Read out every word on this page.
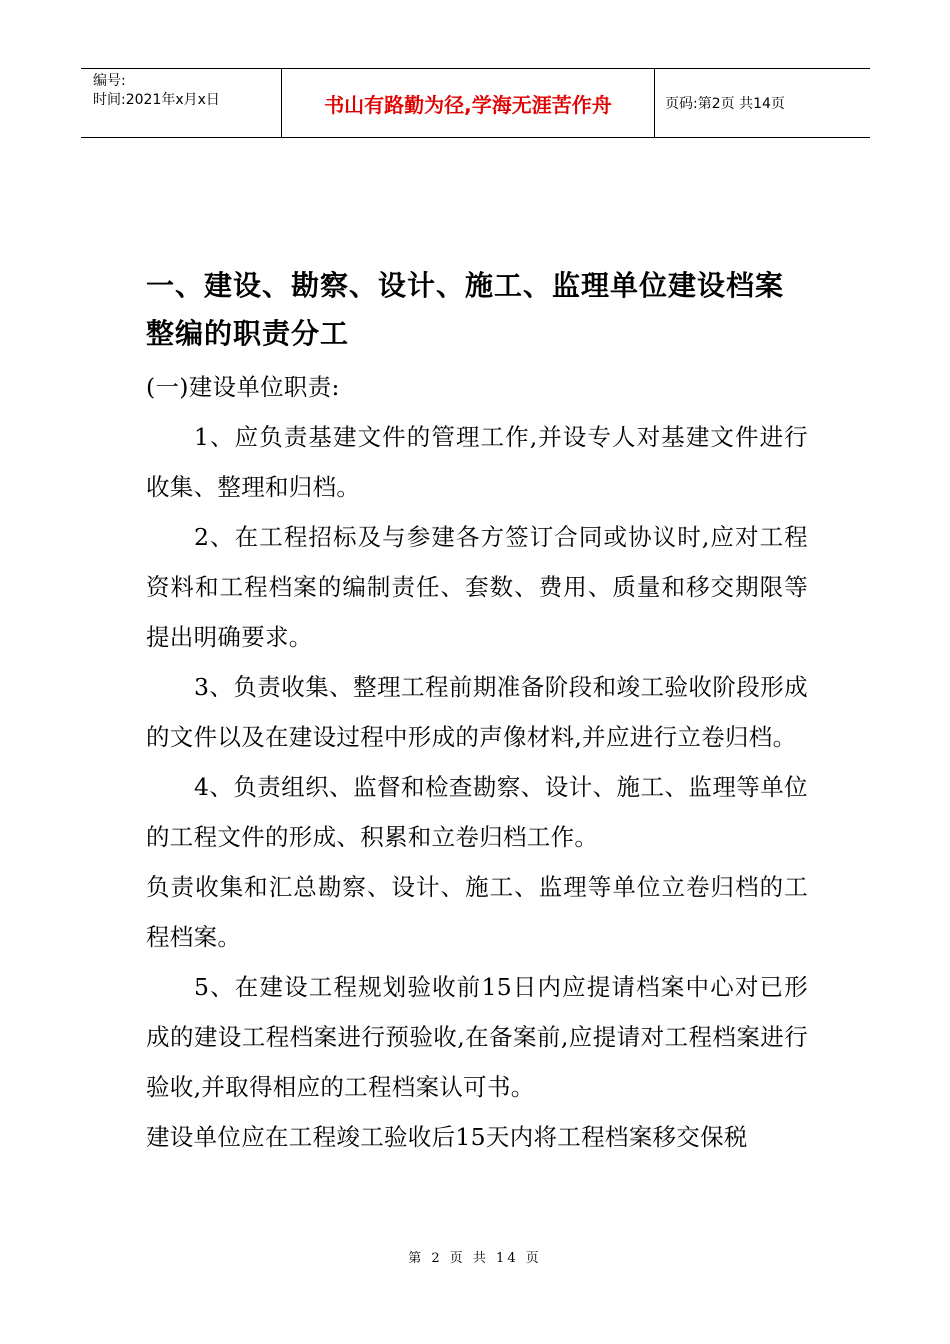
编号:
时间:2021年x月x日	书山有路勤为径,学海无涯苦作舟	页码:第2页 共14页
一、建设、勘察、设计、施工、监理单位建设档案整编的职责分工

(一)建设单位职责:

1、应负责基建文件的管理工作,并设专人对基建文件进行收集、整理和归档。

2、在工程招标及与参建各方签订合同或协议时,应对工程资料和工程档案的编制责任、套数、费用、质量和移交期限等提出明确要求。

3、负责收集、整理工程前期准备阶段和竣工验收阶段形成的文件以及在建设过程中形成的声像材料,并应进行立卷归档。

4、负责组织、监督和检查勘察、设计、施工、监理等单位的工程文件的形成、积累和立卷归档工作。

负责收集和汇总勘察、设计、施工、监理等单位立卷归档的工程档案。

5、在建设工程规划验收前15日内应提请档案中心对已形成的建设工程档案进行预验收,在备案前,应提请对工程档案进行验收,并取得相应的工程档案认可书。

建设单位应在工程竣工验收后15天内将工程档案移交保税

第 2 页 共 14 页
